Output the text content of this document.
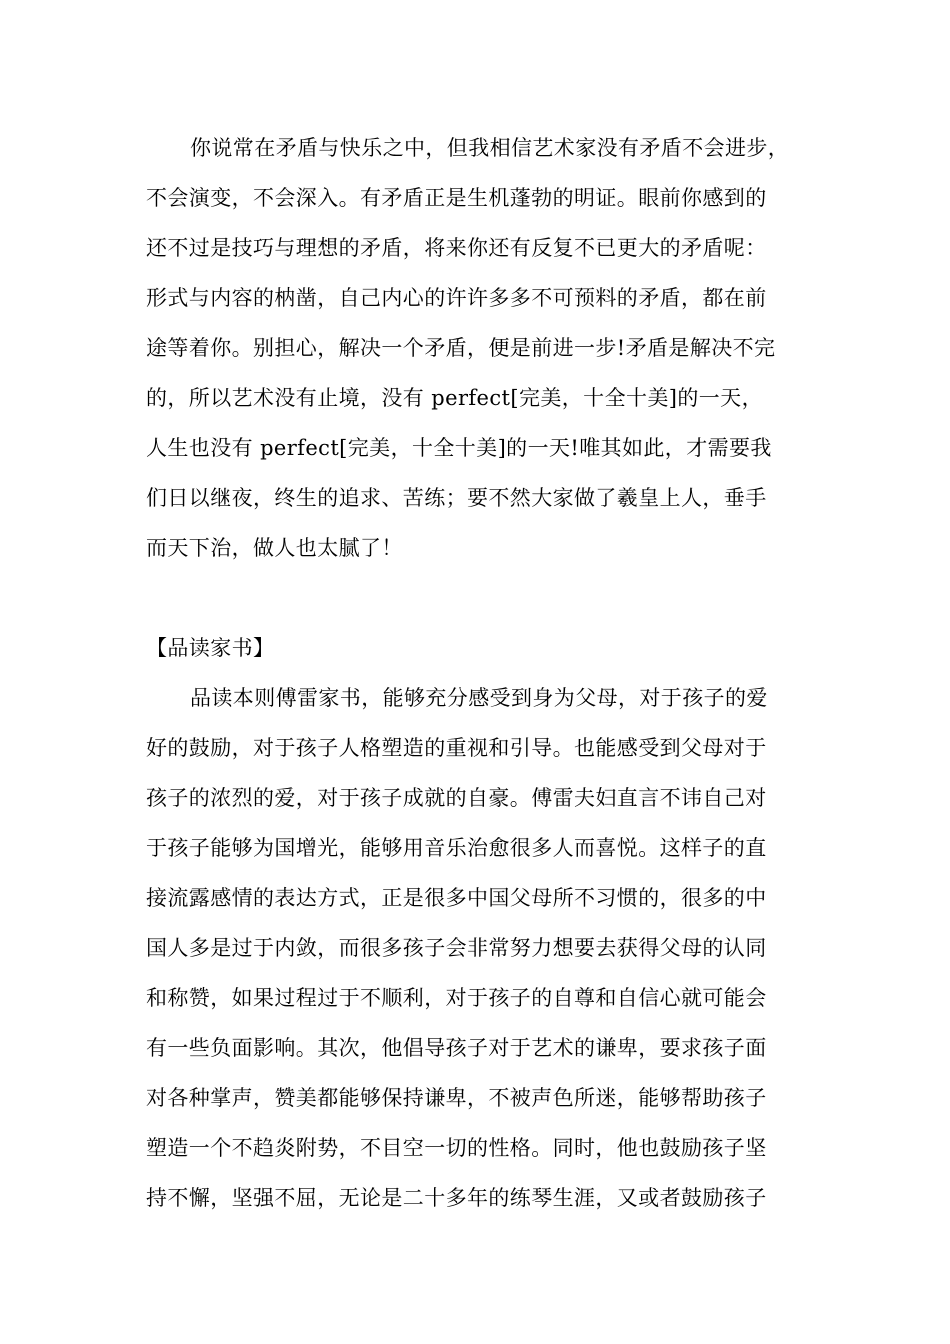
你说常在矛盾与快乐之中，但我相信艺术家没有矛盾不会进步，
不会演变，不会深入。有矛盾正是生机蓬勃的明证。眼前你感到的
还不过是技巧与理想的矛盾，将来你还有反复不已更大的矛盾呢：
形式与内容的枘凿，自己内心的许许多多不可预料的矛盾，都在前
途等着你。别担心，解决一个矛盾，便是前进一步!矛盾是解决不完
的，所以艺术没有止境，没有 perfect[完美，十全十美]的一天，
人生也没有 perfect[完美，十全十美]的一天!唯其如此，才需要我
们日以继夜，终生的追求、苦练；要不然大家做了羲皇上人，垂手
而天下治，做人也太腻了！
【品读家书】
品读本则傅雷家书，能够充分感受到身为父母，对于孩子的爱
好的鼓励，对于孩子人格塑造的重视和引导。也能感受到父母对于
孩子的浓烈的爱，对于孩子成就的自豪。傅雷夫妇直言不讳自己对
于孩子能够为国增光，能够用音乐治愈很多人而喜悦。这样子的直
接流露感情的表达方式，正是很多中国父母所不习惯的，很多的中
国人多是过于内敛，而很多孩子会非常努力想要去获得父母的认同
和称赞，如果过程过于不顺利，对于孩子的自尊和自信心就可能会
有一些负面影响。其次，他倡导孩子对于艺术的谦卑，要求孩子面
对各种掌声，赞美都能够保持谦卑，不被声色所迷，能够帮助孩子
塑造一个不趋炎附势，不目空一切的性格。同时，他也鼓励孩子坚
持不懈，坚强不屈，无论是二十多年的练琴生涯，又或者鼓励孩子
